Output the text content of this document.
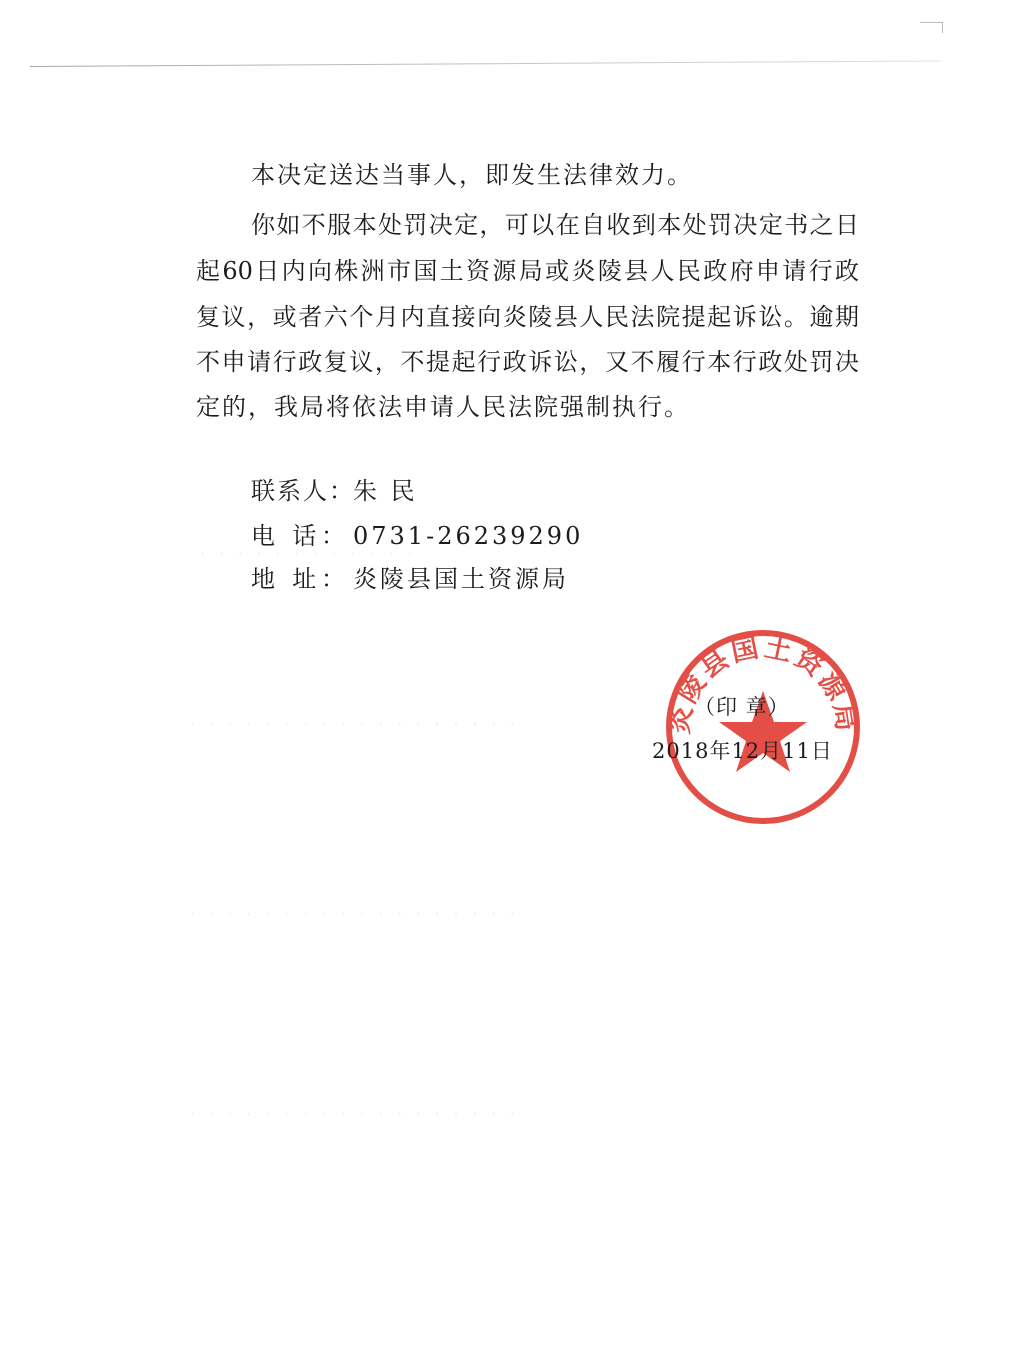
· · · · · · · · · · · ·
· · · · · · · · · · · · · · · · · ·
· · · · · · · · · · · · · · · · · ·
· · · · · · · · · · · · · · · · · ·
本决定送达当事人，即发生法律效力。
你如不服本处罚决定，可以在自收到本处罚决定书之日
起60日内向株洲市国土资源局或炎陵县人民政府申请行政
复议，或者六个月内直接向炎陵县人民法院提起诉讼。逾期
不申请行政复议，不提起行政诉讼，又不履行本行政处罚决
定的，我局将依法申请人民法院强制执行。
联系人：朱 民
电 话： 0731-26239290
地 址： 炎陵县国土资源局
炎陵县国土资源局
（印 章）
2018年12月11日
